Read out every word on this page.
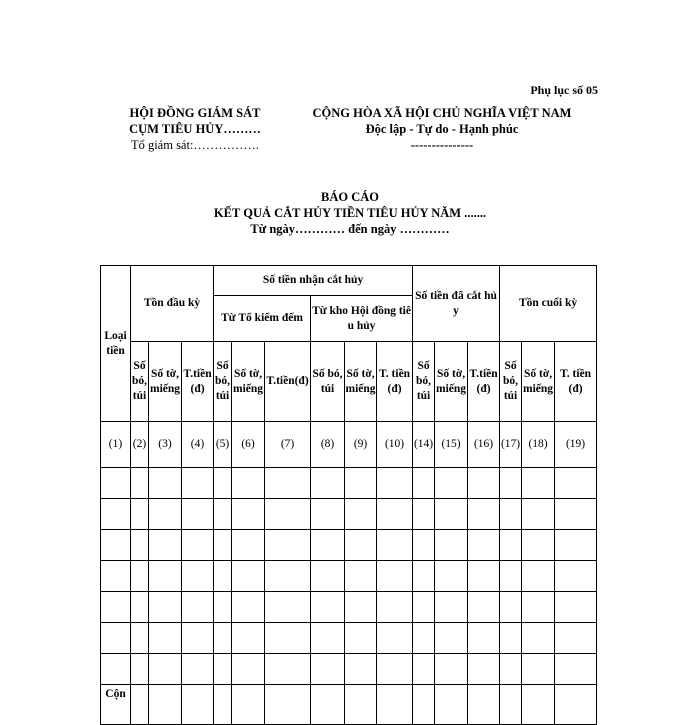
Phụ lục số 05
HỘI ĐỒNG GIÁM SÁT
CỤM TIÊU HỦY………
Tổ giám sát:…………….
CỘNG HÒA XÃ HỘI CHỦ NGHĨA VIỆT NAM
Độc lập - Tự do - Hạnh phúc
---------------
BÁO CÁO
KẾT QUẢ CẮT HỦY TIỀN TIÊU HỦY NĂM .......
Từ ngày………… đến ngày …………
Loại tiền	Tồn đầu kỳ			Số tiền nhận cắt hủy						Số tiền đã cắt hủy			Tồn cuối kỳ		
				Từ Tổ kiểm đếm			Từ kho Hội đồng tiêu hủy								
	Số bó, túi	Số tờ, miếng	T.tiền (đ)	Số bó, túi	Số tờ, miếng	T.tiền(đ)	Số bó, túi	Số tờ, miếng	T. tiền(đ)	Số bó, túi	Số tờ, miếng	T.tiền (đ)	Số bó, túi	Số tờ, miếng	T. tiền(đ)
(1)	(2)	(3)	(4)	(5)	(6)	(7)	(8)	(9)	(10)	(14)	(15)	(16)	(17)	(18)	(19)

Cộn															
